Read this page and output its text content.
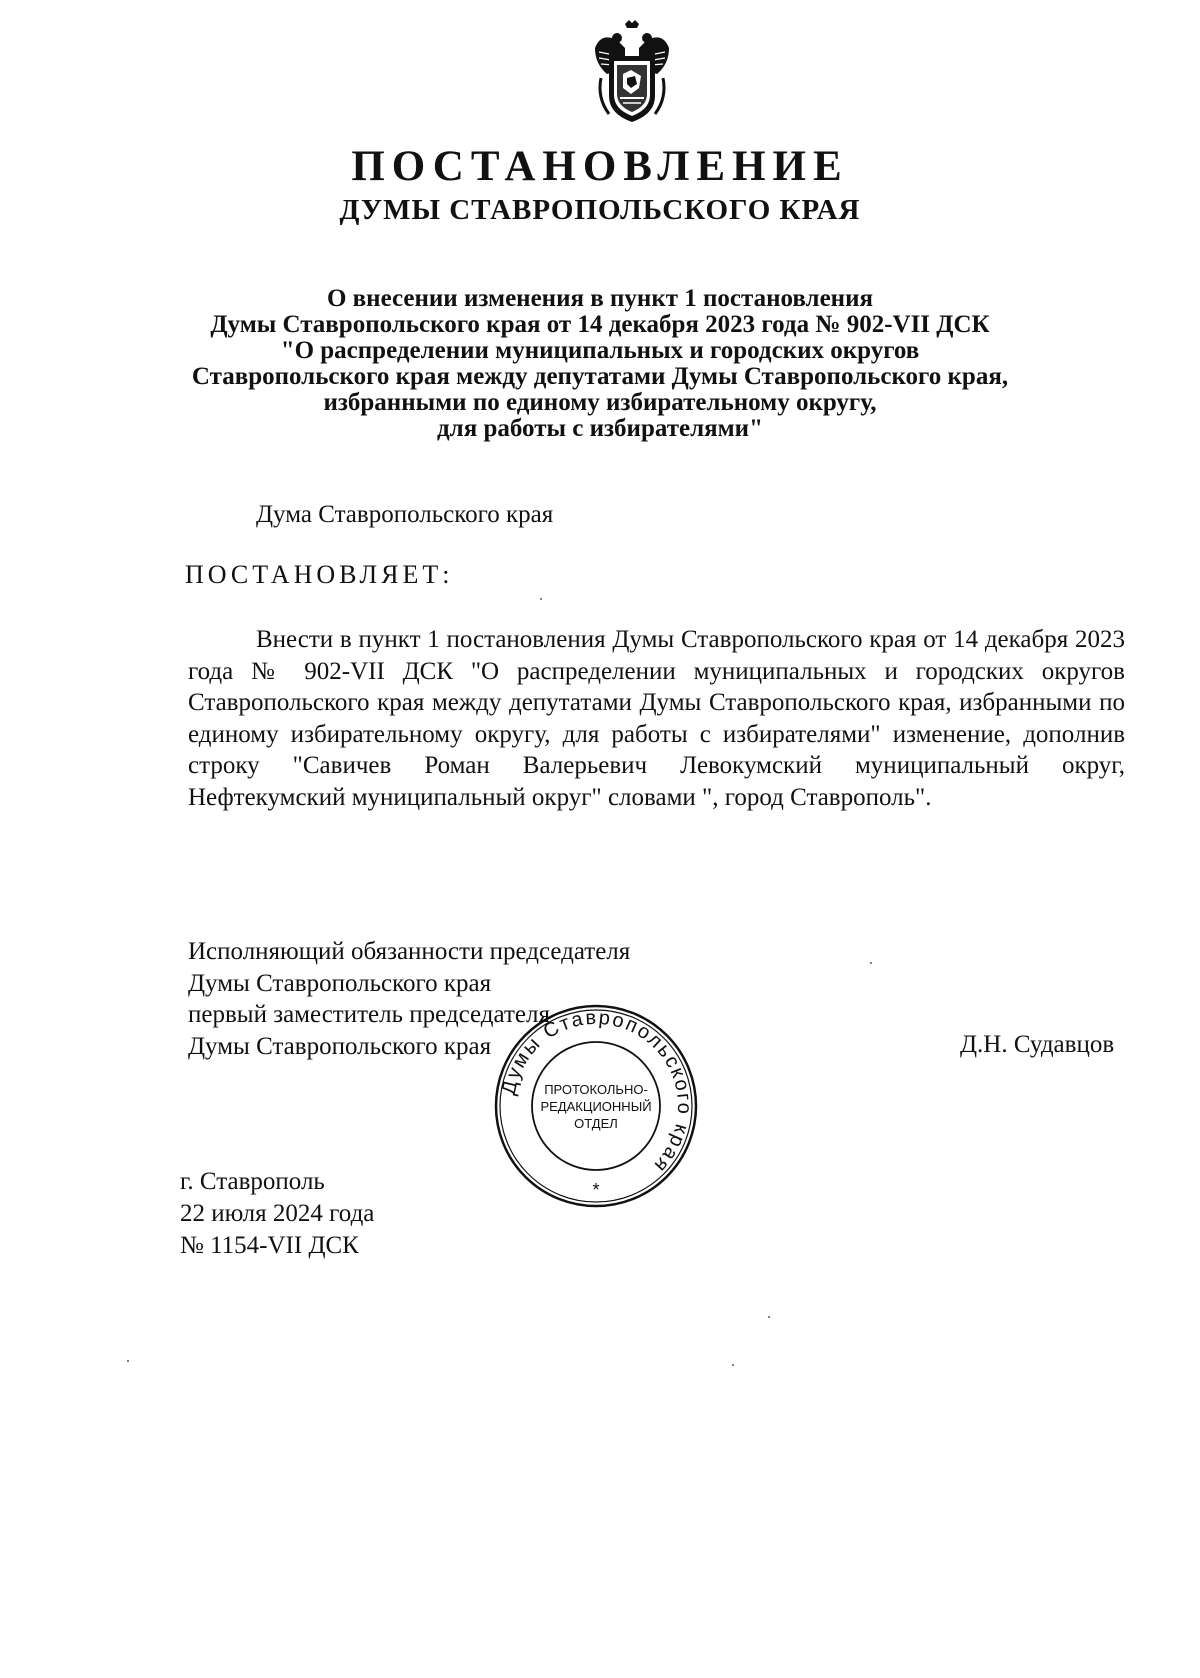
ПОСТАНОВЛЕНИЕ
ДУМЫ СТАВРОПОЛЬСКОГО КРАЯ
О внесении изменения в пункт 1 постановления
Думы Ставропольского края от 14 декабря 2023 года № 902-VII ДСК
"О распределении муниципальных и городских округов
Ставропольского края между депутатами Думы Ставропольского края,
избранными по единому избирательному округу,
для работы с избирателями"
Дума Ставропольского края
ПОСТАНОВЛЯЕТ:
Внести в пункт 1 постановления Думы Ставропольского края от 14 декабря 2023 года № 902-VII ДСК "О распределении муниципальных и городских округов Ставропольского края между депутатами Думы Ставропольского края, избранными по единому избирательному округу, для работы с избирателями" изменение, дополнив строку "Савичев Роман Валерьевич Левокумский муниципальный округ, Нефтекумский муниципальный округ" словами ", город Ставрополь".
Исполняющий обязанности председателя
Думы Ставропольского края
первый заместитель председателя
Думы Ставропольского края	Д.Н. Судавцов
г. Ставрополь
22 июля 2024 года
№ 1154-VII ДСК
Думы Ставропольского края
ПРОТОКОЛЬНО-
РЕДАКЦИОННЫЙ
ОТДЕЛ
*
